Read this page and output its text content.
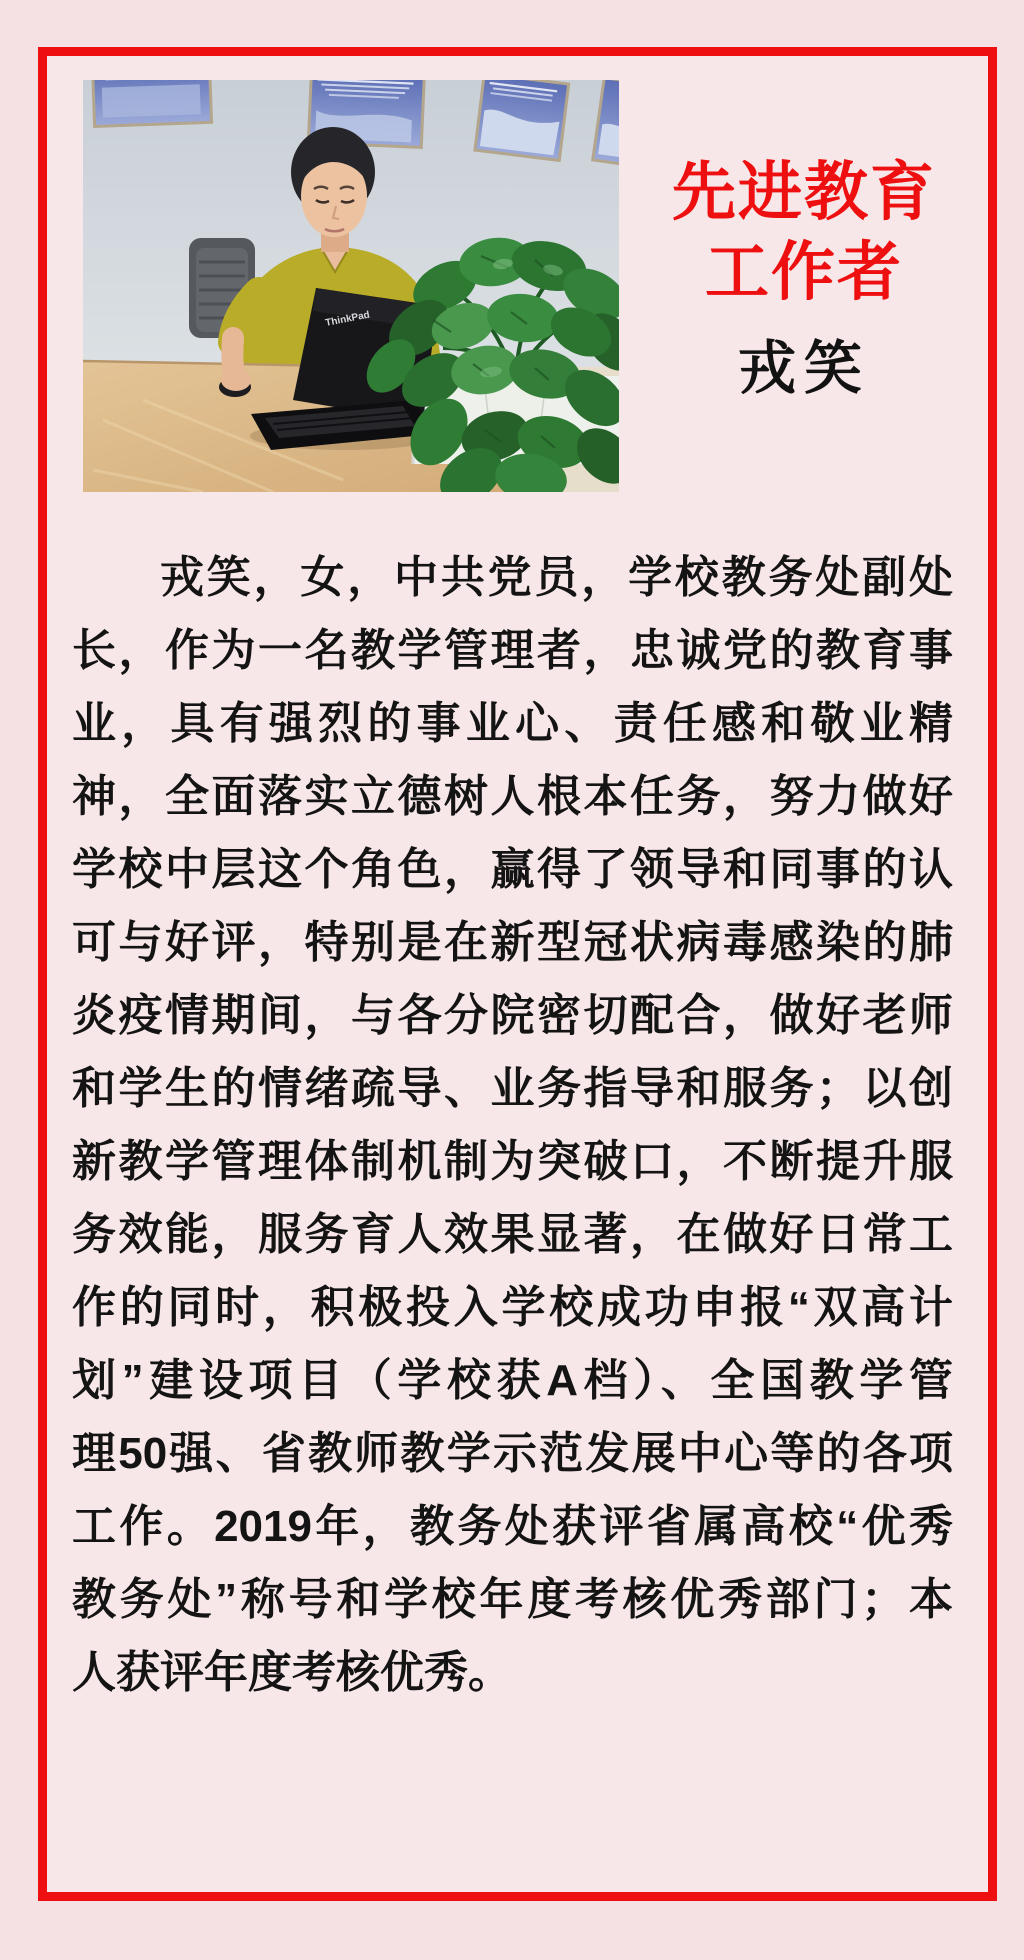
ThinkPad
先进教育
工作者
戎笑
戎笑，女，中共党员，学校教务处副处
长，作为一名教学管理者，忠诚党的教育事
业，具有强烈的事业心、责任感和敬业精
神，全面落实立德树人根本任务，努力做好
学校中层这个角色，赢得了领导和同事的认
可与好评，特别是在新型冠状病毒感染的肺
炎疫情期间，与各分院密切配合，做好老师
和学生的情绪疏导、业务指导和服务；以创
新教学管理体制机制为突破口，不断提升服
务效能，服务育人效果显著，在做好日常工
作的同时，积极投入学校成功申报“双高计
划”建设项目（学校获A档）、全国教学管
理50强、省教师教学示范发展中心等的各项
工作。2019年，教务处获评省属高校“优秀
教务处”称号和学校年度考核优秀部门；本
人获评年度考核优秀。
